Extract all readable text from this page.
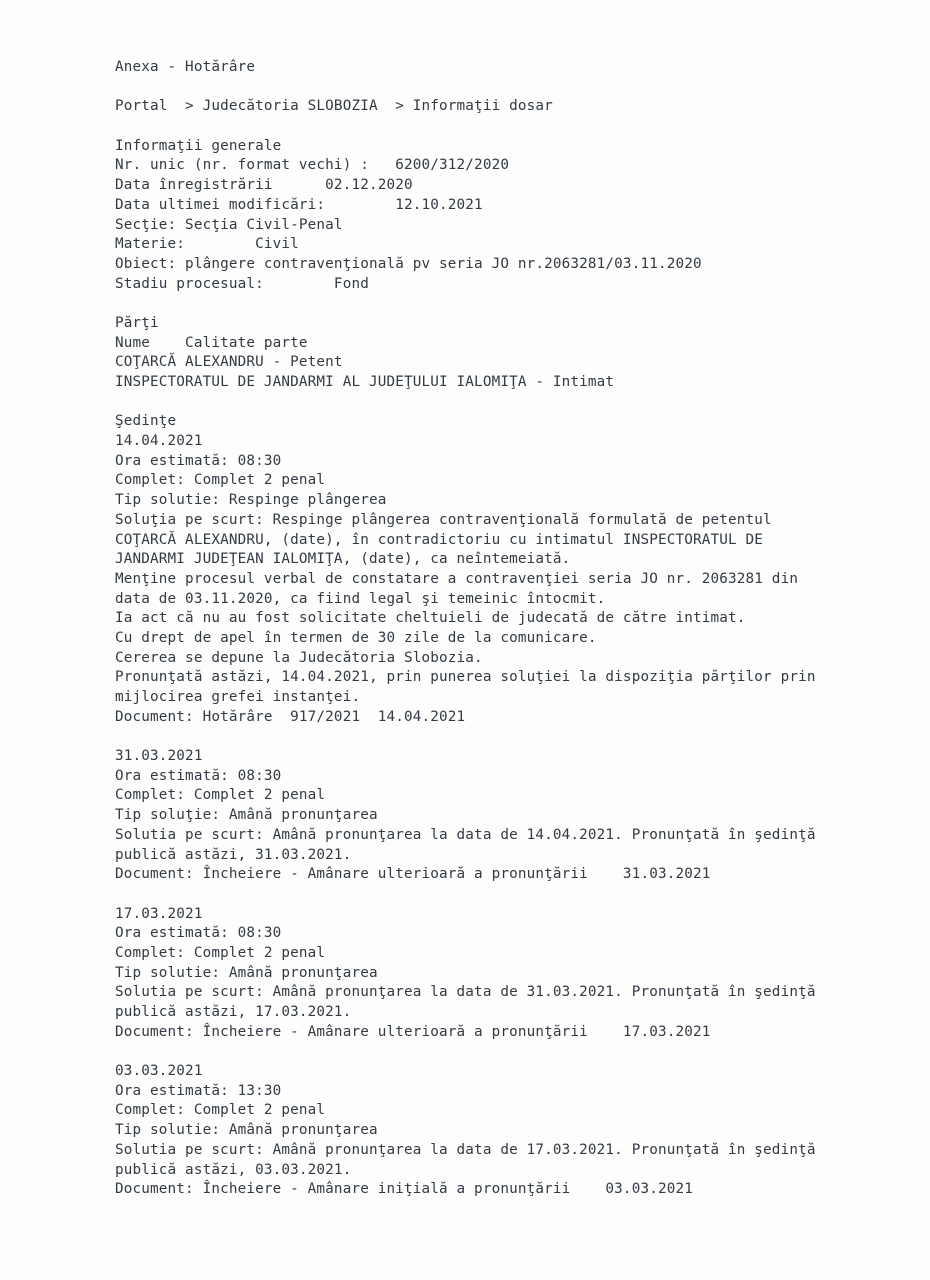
Anexa - Hotărâre
Portal  > Judecătoria SLOBOZIA  > Informaţii dosar
Informaţii generale
Nr. unic (nr. format vechi) :   6200/312/2020
Data înregistrării      02.12.2020
Data ultimei modificări:        12.10.2021
Secţie: Secţia Civil-Penal
Materie:        Civil
Obiect: plângere contravenţională pv seria JO nr.2063281/03.11.2020
Stadiu procesual:        Fond
Părţi
Nume    Calitate parte
COŢARCĂ ALEXANDRU - Petent
INSPECTORATUL DE JANDARMI AL JUDEŢULUI IALOMIŢA - Intimat
Şedinţe
14.04.2021
Ora estimată: 08:30
Complet: Complet 2 penal
Tip solutie: Respinge plângerea
Soluţia pe scurt: Respinge plângerea contravenţională formulată de petentul
COŢARCĂ ALEXANDRU, (date), în contradictoriu cu intimatul INSPECTORATUL DE
JANDARMI JUDEŢEAN IALOMIŢA, (date), ca neîntemeiată.
Menţine procesul verbal de constatare a contravenţiei seria JO nr. 2063281 din
data de 03.11.2020, ca fiind legal şi temeinic întocmit.
Ia act că nu au fost solicitate cheltuieli de judecată de către intimat.
Cu drept de apel în termen de 30 zile de la comunicare.
Cererea se depune la Judecătoria Slobozia.
Pronunţată astăzi, 14.04.2021, prin punerea soluţiei la dispoziţia părţilor prin
mijlocirea grefei instanţei.
Document: Hotărâre  917/2021  14.04.2021
31.03.2021
Ora estimată: 08:30
Complet: Complet 2 penal
Tip soluţie: Amână pronunţarea
Solutia pe scurt: Amână pronunţarea la data de 14.04.2021. Pronunţată în şedinţă
publică astăzi, 31.03.2021.
Document: Încheiere - Amânare ulterioară a pronunţării    31.03.2021
17.03.2021
Ora estimată: 08:30
Complet: Complet 2 penal
Tip solutie: Amână pronunţarea
Solutia pe scurt: Amână pronunţarea la data de 31.03.2021. Pronunţată în şedinţă
publică astăzi, 17.03.2021.
Document: Încheiere - Amânare ulterioară a pronunţării    17.03.2021
03.03.2021
Ora estimată: 13:30
Complet: Complet 2 penal
Tip solutie: Amână pronunţarea
Solutia pe scurt: Amână pronunţarea la data de 17.03.2021. Pronunţată în şedinţă
publică astăzi, 03.03.2021.
Document: Încheiere - Amânare iniţială a pronunţării    03.03.2021
